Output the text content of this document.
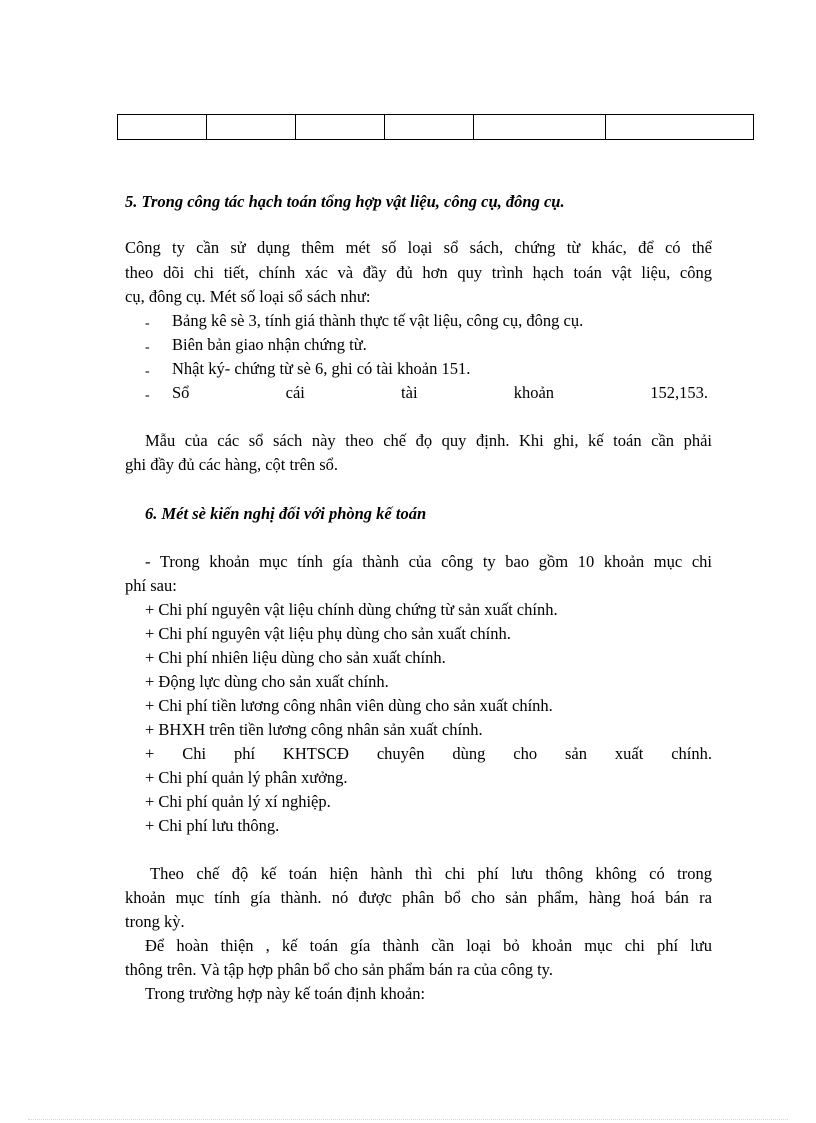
5. Trong công tác hạch toán tổng hợp vật liệu, công cụ, đông cụ.
Công ty cần sử dụng thêm mét số loại sổ sách, chứng từ khác, để có thể
theo dõi chi tiết, chính xác và đầy đủ hơn quy trình hạch toán vật liệu, công
cụ, đông cụ. Mét số loại sổ sách như:
- Bảng kê sè 3, tính giá thành thực tế vật liệu, công cụ, đông cụ.
- Biên bản giao nhận chứng từ.
- Nhật ký- chứng từ sè 6, ghi có tài khoản 151.
- Sổ cái tài khoản 152,153.
Mẫu của các sổ sách này theo chế đọ quy định. Khi ghi, kế toán cần phải
ghi đầy đủ các hàng, cột trên sổ.
6. Mét sè kiến nghị đối với phòng kế toán
- Trong khoản mục tính gía thành của công ty bao gồm 10 khoản mục chi
phí sau:
+ Chi phí nguyên vật liệu chính dùng chứng từ sản xuất chính.
+ Chi phí nguyên vật liệu phụ dùng cho sản xuất chính.
+ Chi phí nhiên liệu dùng cho sản xuất chính.
+ Động lực dùng cho sản xuất chính.
+ Chi phí tiền lương công nhân viên dùng cho sản xuất chính.
+ BHXH trên tiền lương công nhân sản xuất chính.
+ Chi phí KHTSCĐ chuyên dùng cho sản xuất chính.
+ Chi phí quản lý phân xưởng.
+ Chi phí quản lý xí nghiệp.
+ Chi phí lưu thông.
Theo chế độ kế toán hiện hành thì chi phí lưu thông không có trong
khoản mục tính gía thành. nó được phân bổ cho sản phẩm, hàng hoá bán ra
trong kỳ.
Để hoàn thiện , kế toán gía thành cần loại bỏ khoản mục chi phí lưu
thông trên. Và tập hợp phân bổ cho sản phẩm bán ra của công ty.
Trong trường hợp này kế toán định khoản:
